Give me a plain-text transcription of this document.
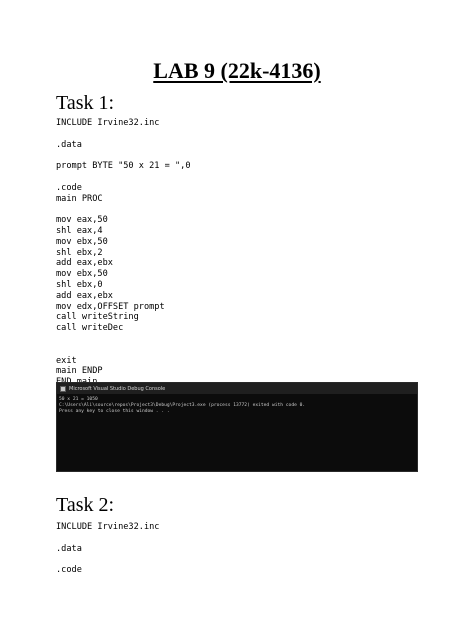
LAB 9 (22k-4136)
Task 1:
INCLUDE Irvine32.inc

.data

prompt BYTE "50 x 21 = ",0

.code
main PROC

mov eax,50
shl eax,4
mov ebx,50
shl ebx,2
add eax,ebx
mov ebx,50
shl ebx,0
add eax,ebx
mov edx,OFFSET prompt
call writeString
call writeDec

exit
main ENDP

Microsoft Visual Studio Debug Console
50 x 21 = 1050
C:\Users\Ali\source\repos\Project3\Debug\Project3.exe (process 13772) exited with code 0.
Press any key to close this window . . .
Task 2:
INCLUDE Irvine32.inc

.data

.code
